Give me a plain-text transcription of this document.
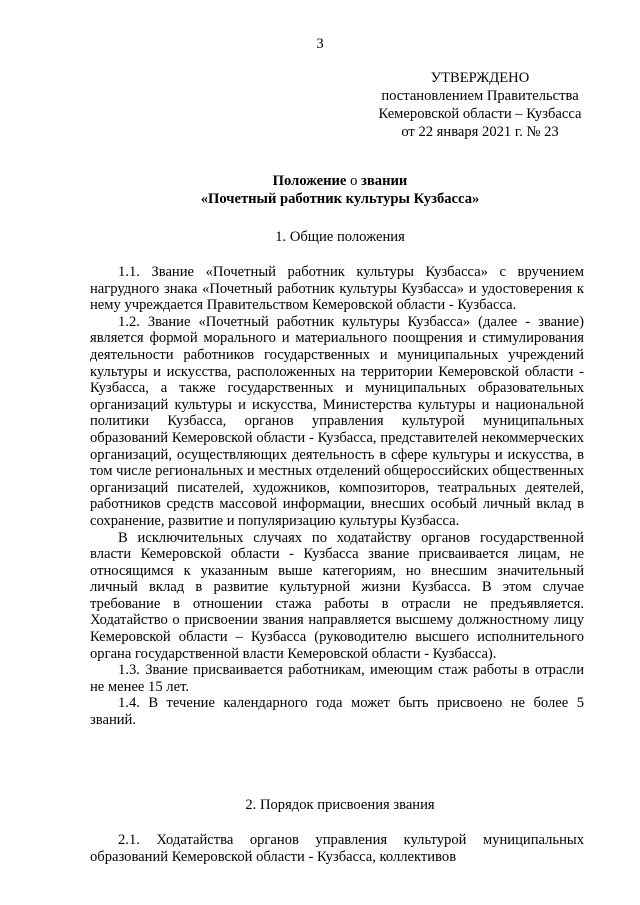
3
УТВЕРЖДЕНО
постановлением Правительства
Кемеровской области – Кузбасса
от 22 января 2021 г. № 23
Положение о звании
«Почетный работник культуры Кузбасса»
1. Общие положения

1.1. Звание «Почетный работник культуры Кузбасса» с вручением нагрудного знака «Почетный работник культуры Кузбасса» и удостоверения к нему учреждается Правительством Кемеровской области - Кузбасса.

1.2. Звание «Почетный работник культуры Кузбасса» (далее - звание) является формой морального и материального поощрения и стимулирования деятельности работников государственных и муниципальных учреждений культуры и искусства, расположенных на территории Кемеровской области - Кузбасса, а также государственных и муниципальных образовательных организаций культуры и искусства, Министерства культуры и национальной политики Кузбасса, органов управления культурой муниципальных образований Кемеровской области - Кузбасса, представителей некоммерческих организаций, осуществляющих деятельность в сфере культуры и искусства, в том числе региональных и местных отделений общероссийских общественных организаций писателей, художников, композиторов, театральных деятелей, работников средств массовой информации, внесших особый личный вклад в сохранение, развитие и популяризацию культуры Кузбасса.

В исключительных случаях по ходатайству органов государственной власти Кемеровской области - Кузбасса звание присваивается лицам, не относящимся к указанным выше категориям, но внесшим значительный личный вклад в развитие культурной жизни Кузбасса. В этом случае требование в отношении стажа работы в отрасли не предъявляется. Ходатайство о присвоении звания направляется высшему должностному лицу Кемеровской области – Кузбасса (руководителю высшего исполнительного органа государственной власти Кемеровской области - Кузбасса).

1.3. Звание присваивается работникам, имеющим стаж работы в отрасли не менее 15 лет.

1.4. В течение календарного года может быть присвоено не более 5 званий.

2. Порядок присвоения звания

2.1. Ходатайства органов управления культурой муниципальных образований Кемеровской области - Кузбасса, коллективов
